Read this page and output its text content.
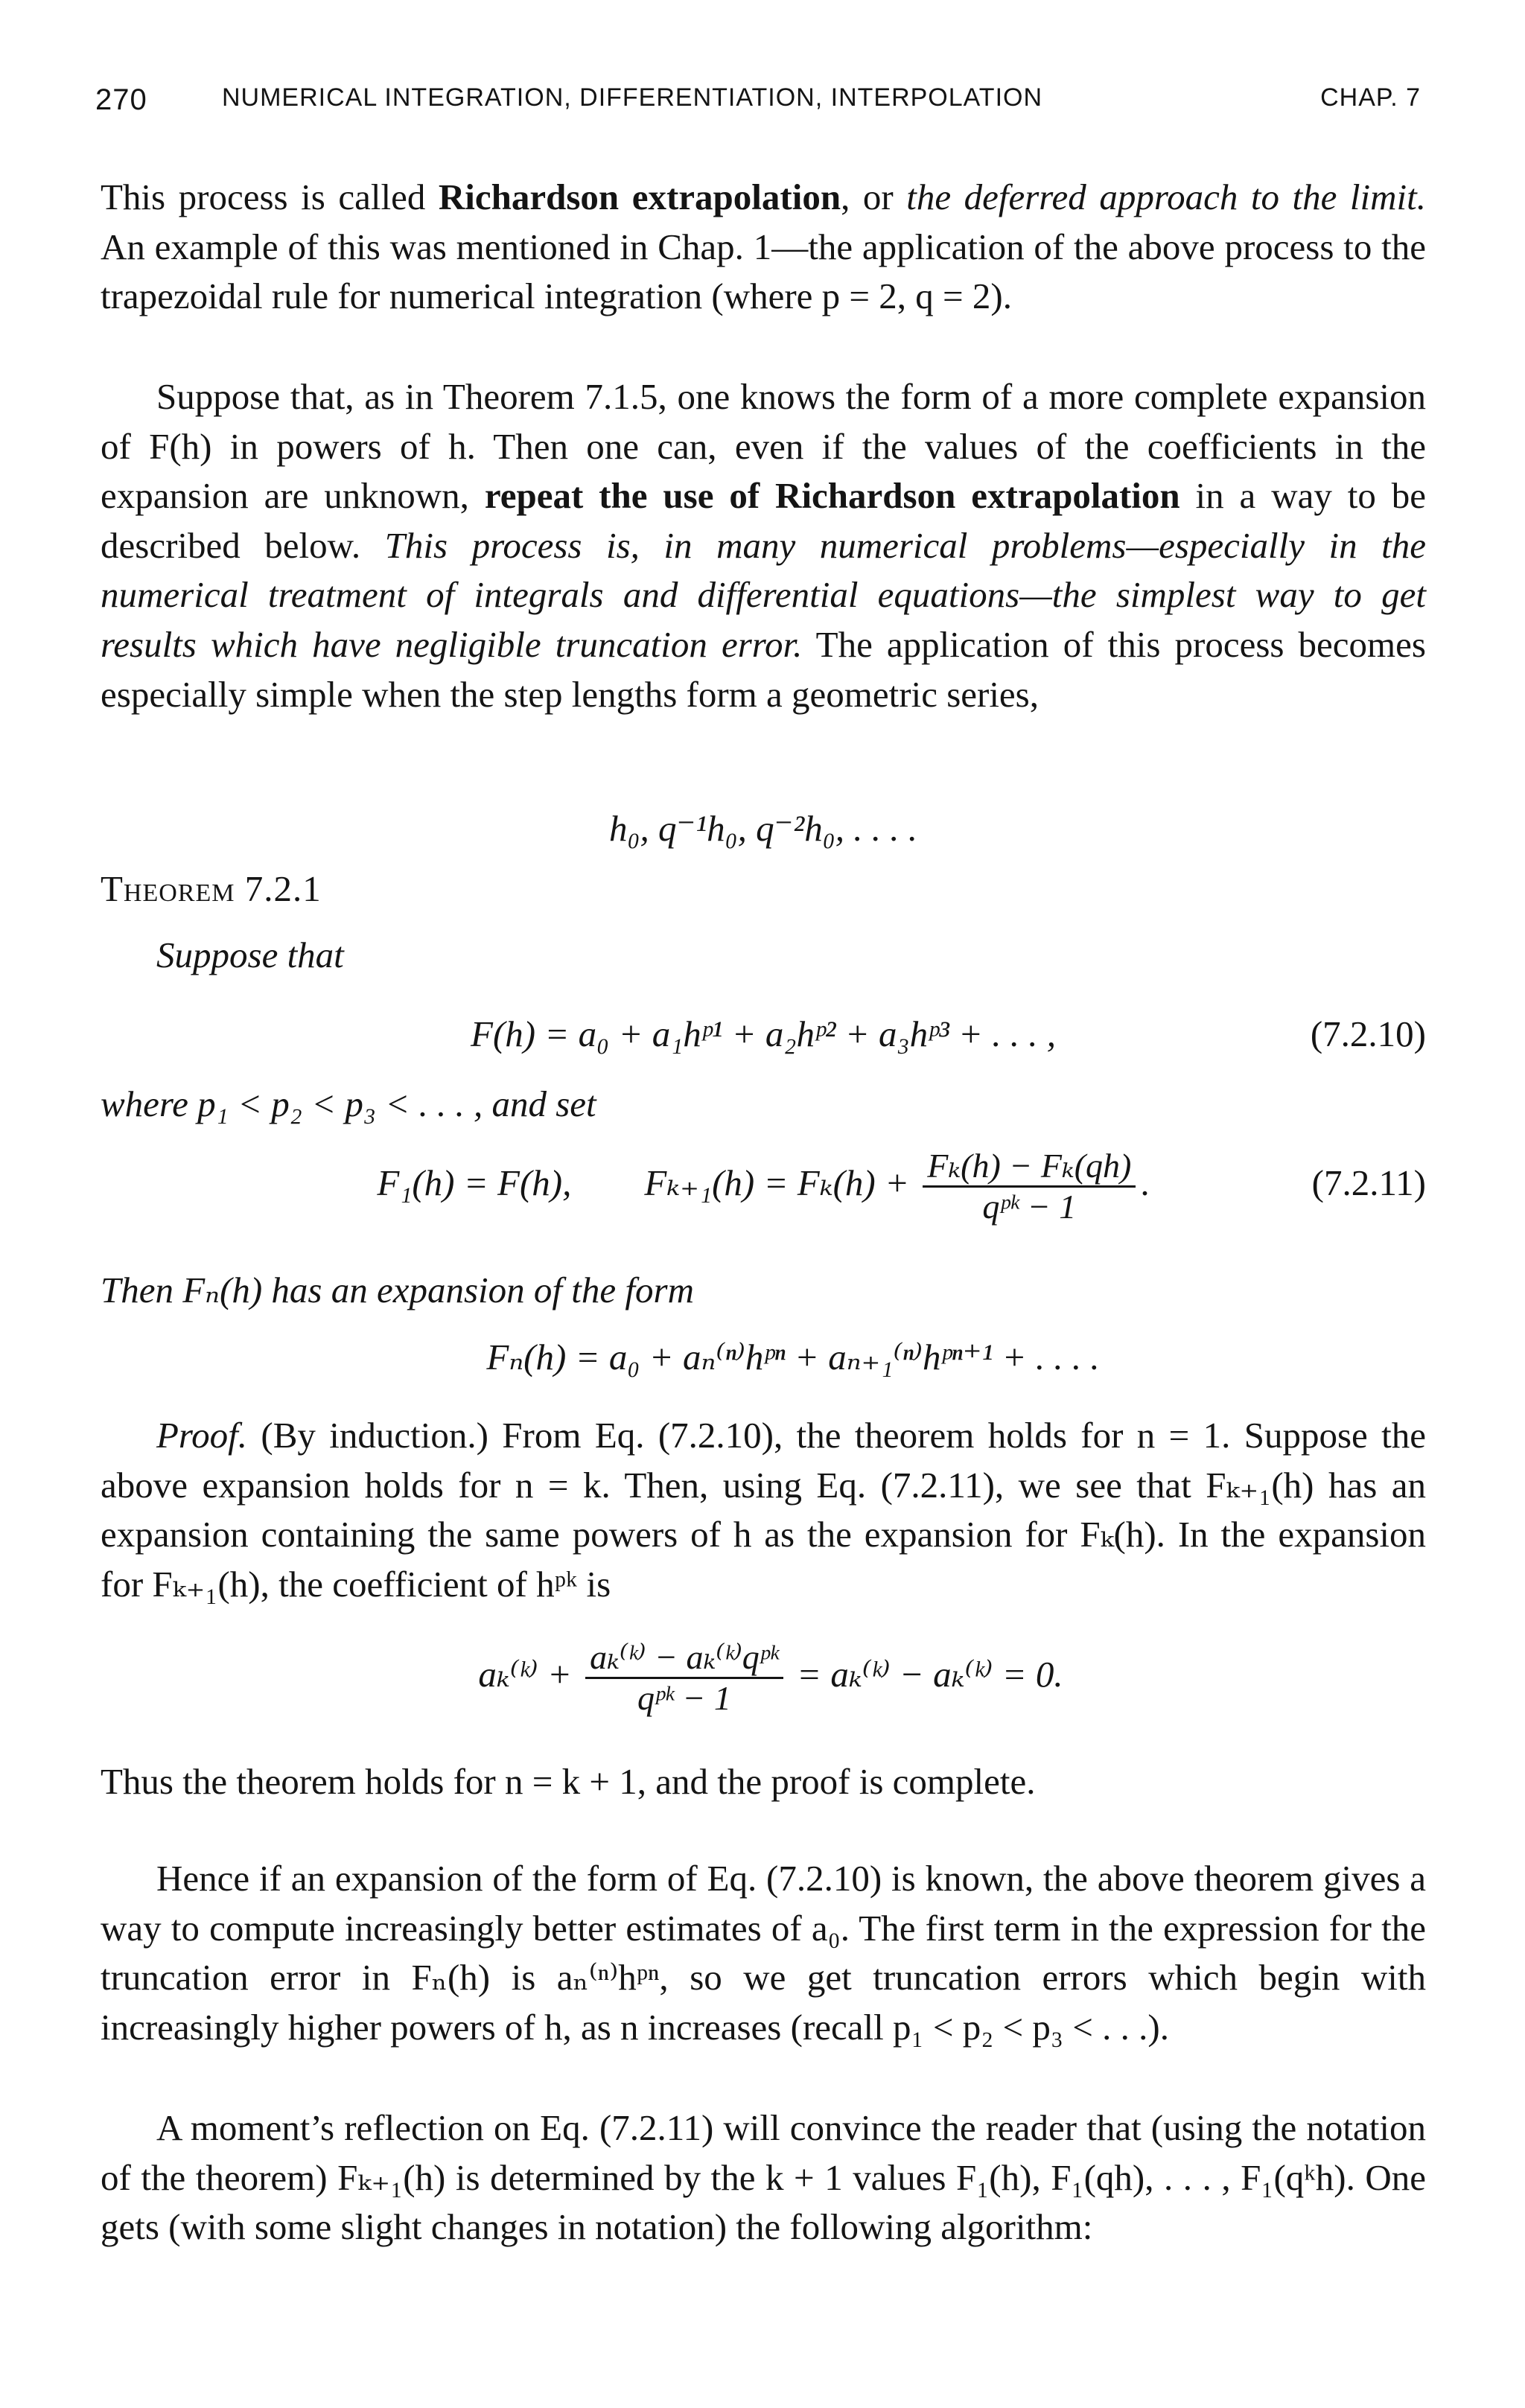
270	NUMERICAL INTEGRATION, DIFFERENTIATION, INTERPOLATION	CHAP. 7

This process is called Richardson extrapolation, or the deferred approach to the limit. An example of this was mentioned in Chap. 1—the application of the above process to the trapezoidal rule for numerical integration (where p = 2, q = 2).

Suppose that, as in Theorem 7.1.5, one knows the form of a more complete expansion of F(h) in powers of h. Then one can, even if the values of the coefficients in the expansion are unknown, repeat the use of Richardson extrapolation in a way to be described below. This process is, in many numerical problems—especially in the numerical treatment of integrals and differential equations—the simplest way to get results which have negligible truncation error. The application of this process becomes especially simple when the step lengths form a geometric series,

h₀, q⁻¹h₀, q⁻²h₀, . . . .
Theorem 7.2.1

Suppose that

F(h) = a₀ + a₁hᵖ¹ + a₂hᵖ² + a₃hᵖ³ + . . . ,	(7.2.10)

where p₁ < p₂ < p₃ < . . . , and set

F₁(h) = F(h),        $F_{k+1}(h) = F_k(h) + \frac{\text{Fₖ(h) − Fₖ(qh)}}{\text{qᵖᵏ − 1}}$ .	(7.2.11)

Then Fₙ(h) has an expansion of the form

Fₙ(h) = a₀ + aₙ⁽ⁿ⁾hᵖⁿ + aₙ₊₁⁽ⁿ⁾hᵖⁿ⁺¹ + . . . .

Proof. (By induction.) From Eq. (7.2.10), the theorem holds for n = 1. Suppose the above expansion holds for n = k. Then, using Eq. (7.2.11), we see that Fₖ₊₁(h) has an expansion containing the same powers of h as the expansion for Fₖ(h). In the expansion for Fₖ₊₁(h), the coefficient of hᵖᵏ is

aₖ⁽ᵏ⁾ + $\frac{\text{aₖ⁽ᵏ⁾ − aₖ⁽ᵏ⁾qᵖᵏ}}{\text{qᵖᵏ − 1}}$ = aₖ⁽ᵏ⁾ − aₖ⁽ᵏ⁾ = 0.

Thus the theorem holds for n = k + 1, and the proof is complete.

Hence if an expansion of the form of Eq. (7.2.10) is known, the above theorem gives a way to compute increasingly better estimates of a₀. The first term in the expression for the truncation error in Fₙ(h) is aₙ⁽ⁿ⁾hᵖⁿ, so we get truncation errors which begin with increasingly higher powers of h, as n increases (recall p₁ < p₂ < p₃ < . . .).

A moment’s reflection on Eq. (7.2.11) will convince the reader that (using the notation of the theorem) Fₖ₊₁(h) is determined by the k + 1 values F₁(h), F₁(qh), . . . , F₁(qᵏh). One gets (with some slight changes in notation) the following algorithm:
